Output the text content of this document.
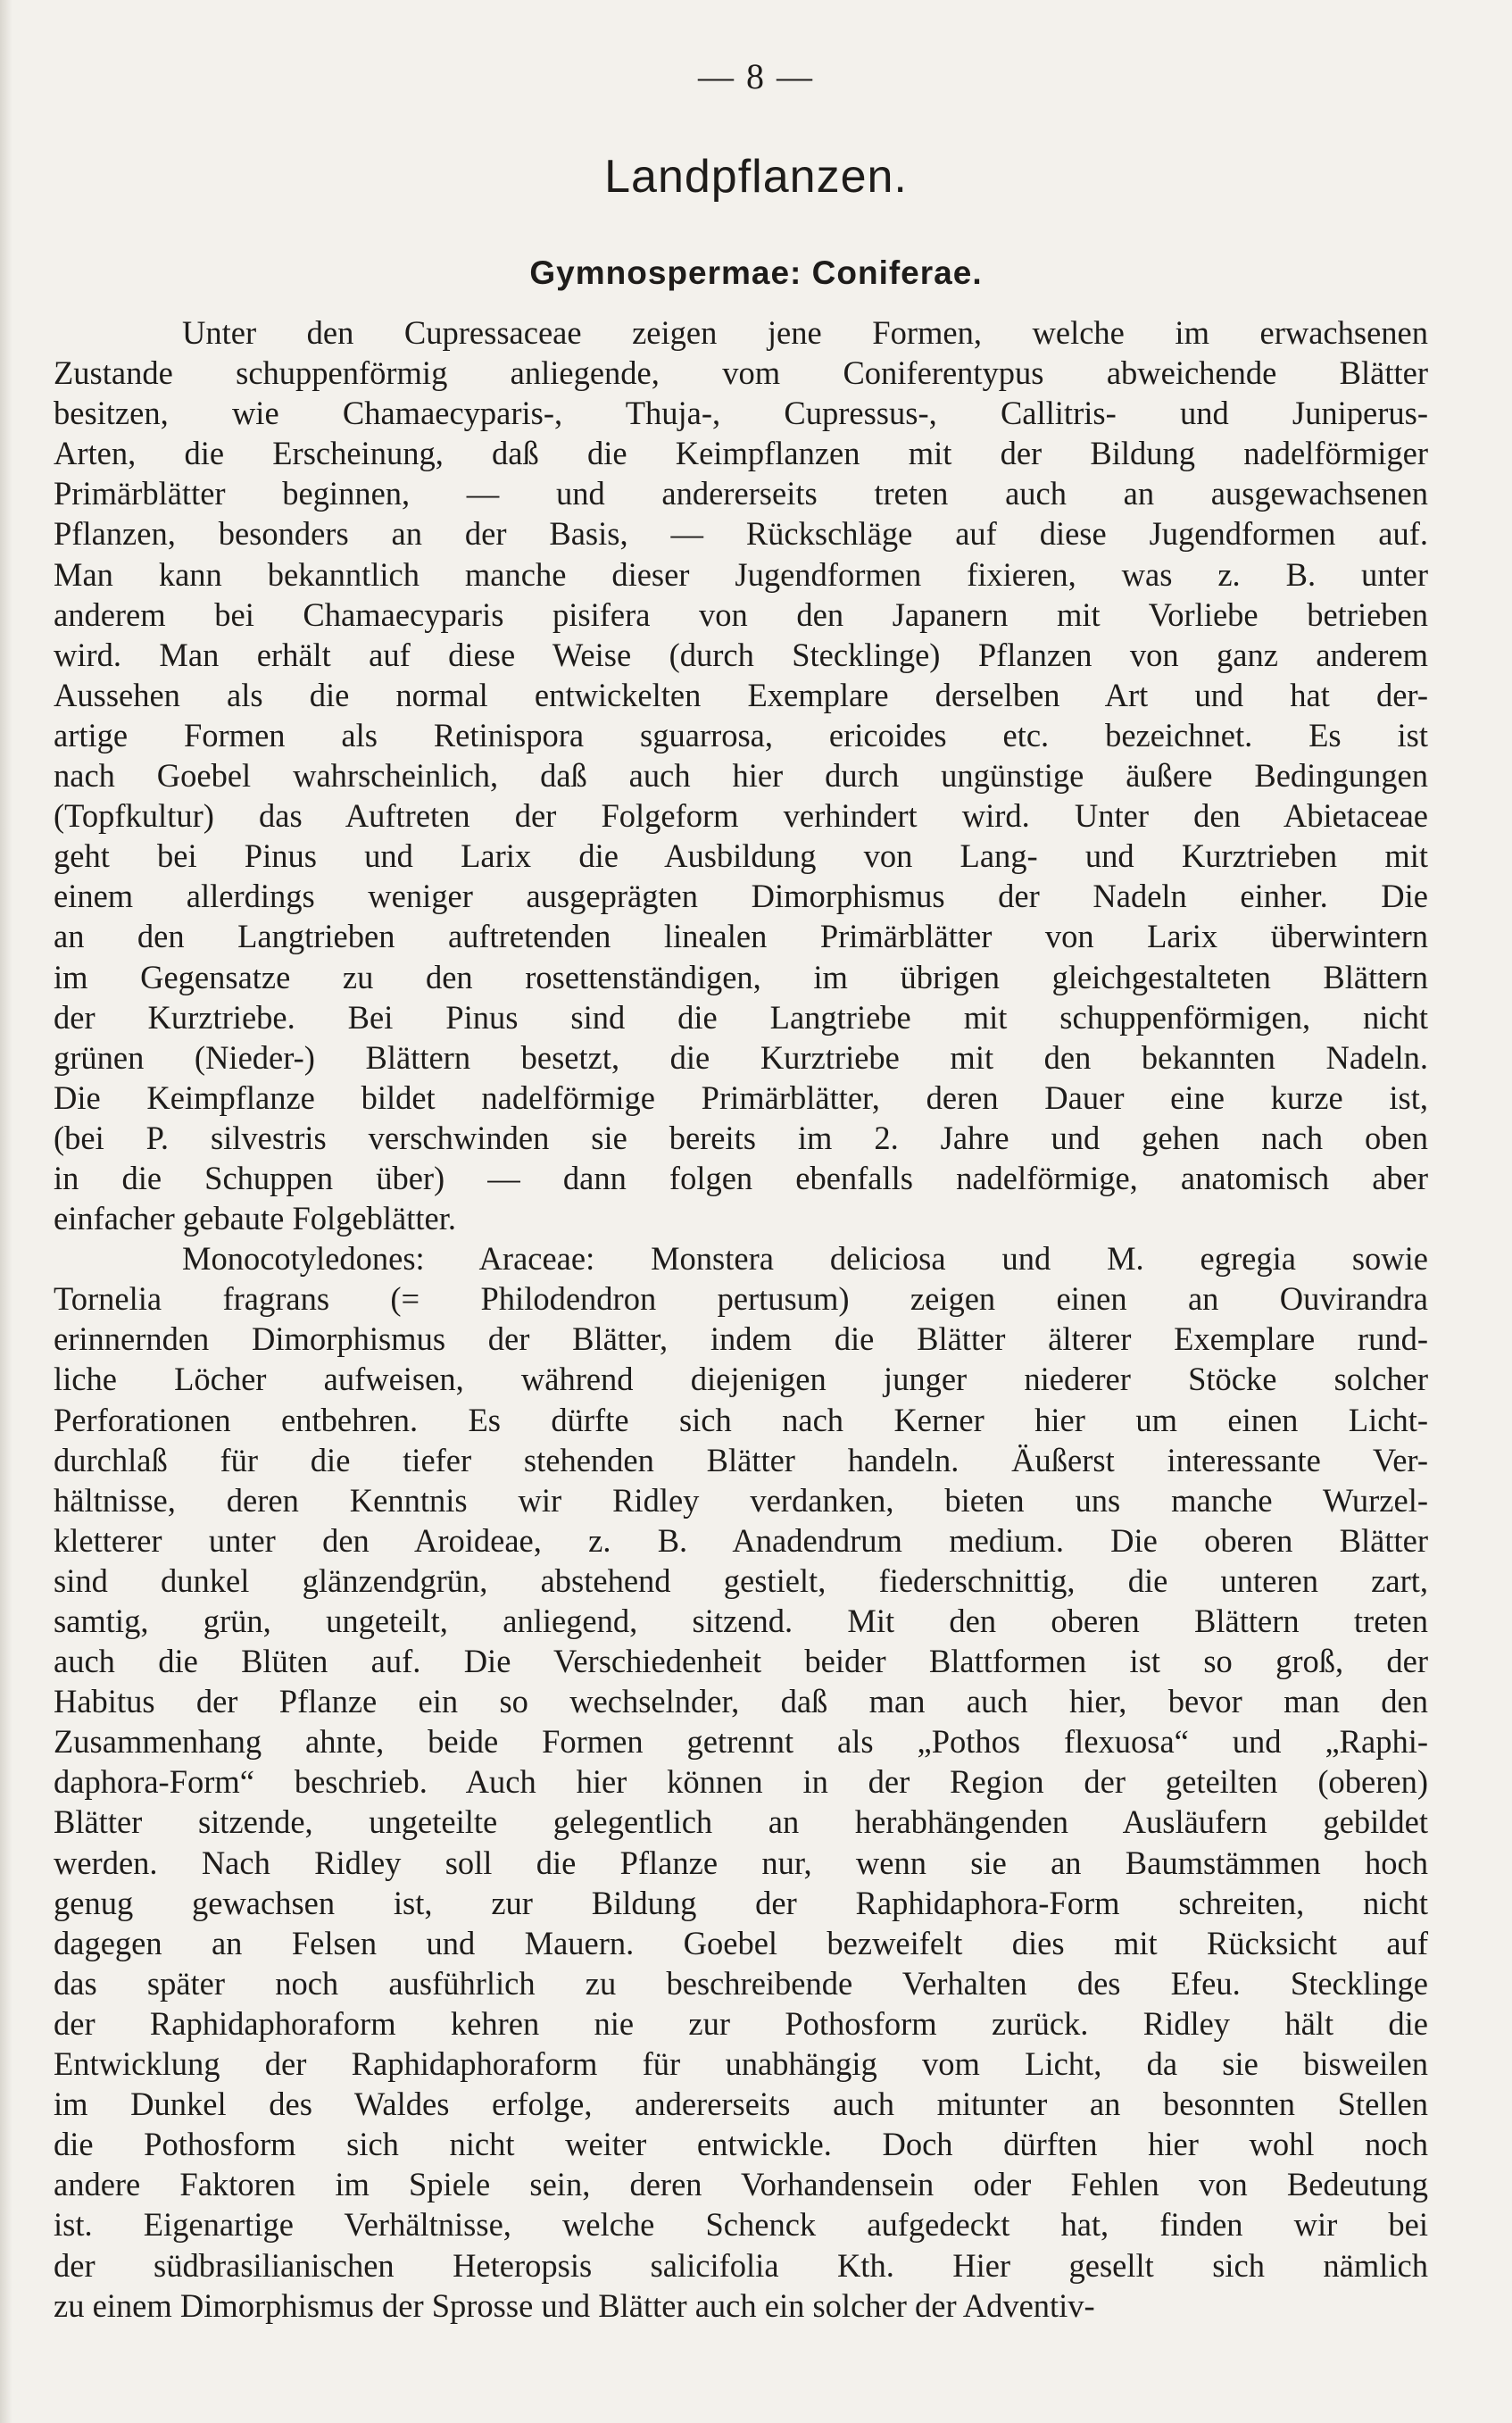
— 8 —
Landpflanzen.
Gymnospermae: Coniferae.
Unter den Cupressaceae zeigen jene Formen, welche im erwachsenen
Zustande schuppenförmig anliegende, vom Coniferentypus abweichende Blätter
besitzen, wie Chamaecyparis-, Thuja-, Cupressus-, Callitris- und Juniperus-
Arten, die Erscheinung, daß die Keimpflanzen mit der Bildung nadelförmiger
Primärblätter beginnen, — und andererseits treten auch an ausgewachsenen
Pflanzen, besonders an der Basis, — Rückschläge auf diese Jugendformen auf.
Man kann bekanntlich manche dieser Jugendformen fixieren, was z. B. unter
anderem bei Chamaecyparis pisifera von den Japanern mit Vorliebe betrieben
wird. Man erhält auf diese Weise (durch Stecklinge) Pflanzen von ganz anderem
Aussehen als die normal entwickelten Exemplare derselben Art und hat der-
artige Formen als Retinispora sguarrosa, ericoides etc. bezeichnet. Es ist
nach Goebel wahrscheinlich, daß auch hier durch ungünstige äußere Bedingungen
(Topfkultur) das Auftreten der Folgeform verhindert wird. Unter den Abietaceae
geht bei Pinus und Larix die Ausbildung von Lang- und Kurztrieben mit
einem allerdings weniger ausgeprägten Dimorphismus der Nadeln einher. Die
an den Langtrieben auftretenden linealen Primärblätter von Larix überwintern
im Gegensatze zu den rosettenständigen, im übrigen gleichgestalteten Blättern
der Kurztriebe. Bei Pinus sind die Langtriebe mit schuppenförmigen, nicht
grünen (Nieder-) Blättern besetzt, die Kurztriebe mit den bekannten Nadeln.
Die Keimpflanze bildet nadelförmige Primärblätter, deren Dauer eine kurze ist,
(bei P. silvestris verschwinden sie bereits im 2. Jahre und gehen nach oben
in die Schuppen über) — dann folgen ebenfalls nadelförmige, anatomisch aber
einfacher gebaute Folgeblätter.
Monocotyledones: Araceae: Monstera deliciosa und M. egregia sowie
Tornelia fragrans (= Philodendron pertusum) zeigen einen an Ouvirandra
erinnernden Dimorphismus der Blätter, indem die Blätter älterer Exemplare rund-
liche Löcher aufweisen, während diejenigen junger niederer Stöcke solcher
Perforationen entbehren. Es dürfte sich nach Kerner hier um einen Licht-
durchlaß für die tiefer stehenden Blätter handeln. Äußerst interessante Ver-
hältnisse, deren Kenntnis wir Ridley verdanken, bieten uns manche Wurzel-
kletterer unter den Aroideae, z. B. Anadendrum medium. Die oberen Blätter
sind dunkel glänzendgrün, abstehend gestielt, fiederschnittig, die unteren zart,
samtig, grün, ungeteilt, anliegend, sitzend. Mit den oberen Blättern treten
auch die Blüten auf. Die Verschiedenheit beider Blattformen ist so groß, der
Habitus der Pflanze ein so wechselnder, daß man auch hier, bevor man den
Zusammenhang ahnte, beide Formen getrennt als „Pothos flexuosa“ und „Raphi-
daphora-Form“ beschrieb. Auch hier können in der Region der geteilten (oberen)
Blätter sitzende, ungeteilte gelegentlich an herabhängenden Ausläufern gebildet
werden. Nach Ridley soll die Pflanze nur, wenn sie an Baumstämmen hoch
genug gewachsen ist, zur Bildung der Raphidaphora-Form schreiten, nicht
dagegen an Felsen und Mauern. Goebel bezweifelt dies mit Rücksicht auf
das später noch ausführlich zu beschreibende Verhalten des Efeu. Stecklinge
der Raphidaphoraform kehren nie zur Pothosform zurück. Ridley hält die
Entwicklung der Raphidaphoraform für unabhängig vom Licht, da sie bisweilen
im Dunkel des Waldes erfolge, andererseits auch mitunter an besonnten Stellen
die Pothosform sich nicht weiter entwickle. Doch dürften hier wohl noch
andere Faktoren im Spiele sein, deren Vorhandensein oder Fehlen von Bedeutung
ist. Eigenartige Verhältnisse, welche Schenck aufgedeckt hat, finden wir bei
der südbrasilianischen Heteropsis salicifolia Kth. Hier gesellt sich nämlich
zu einem Dimorphismus der Sprosse und Blätter auch ein solcher der Adventiv-
